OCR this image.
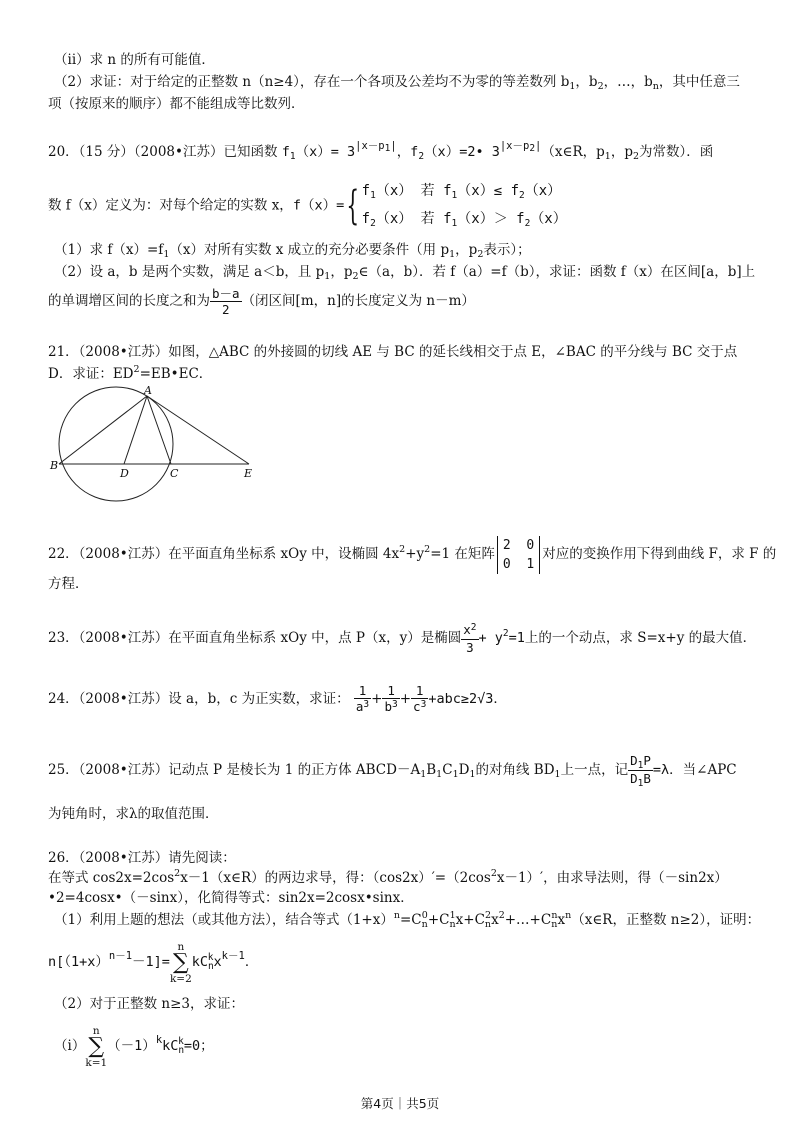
（ii）求 n 的所有可能值．
（2）求证：对于给定的正整数 n（n≥4），存在一个各项及公差均不为零的等差数列 $b_1$，$b_2$，…，$b_n$，其中任意三
项（按原来的顺序）都不能组成等比数列．
20．（15 分）（2008•江苏）已知函数 $f_1(x)= 3^{|x-p1|}$，$f_2(x)=2•$ $3^{|x-p2|}(x\in R$，$p_1$，$p_2$为常数）．函
数 f（x）定义为：对每个给定的实数 x，f（x）={ $f_1(x)$ 若 $f_1(x)\le f_2(x)$
$f_2(x)$ 若 $f_1(x)> f_2(x)$
（1）求 $f(x)=f_1(x)$对所有实数 x 成立的充分必要条件（用 $p_1$，$p_2$表示）；
（2）设 a，b 是两个实数，满足 a＜b，且 $p_1$，$p_2\in(a$，b）．若 f（a）=f（b），求证：函数 f（x）在区间[a，b]上
的单调增区间的长度之和为 $\frac{b-a}{2}$ （闭区间[m，n]的长度定义为 n－m）
21．（2008•江苏）如图，△ABC 的外接圆的切线 AE 与 BC 的延长线相交于点 E，∠BAC 的平分线与 BC 交于点
D．求证：$ED^2=EB•EC$．
A
B
D	C	E
22．（2008•江苏）在平面直角坐标系 xOy 中，设椭圆 $4x^2+y^2=1$ 在矩阵2 0
0 1对应的变换作用下得到曲线 F，求 F 的
方程．
23．（2008•江苏）在平面直角坐标系 xOy 中，点 P（x，y）是椭圆 $\frac{x^2}{3} + y^2=1$上的一个动点，求 S=x+y 的最大值．
24．（2008•江苏）设 a，b，c 为正实数，求证： $\frac{1}{a^3} + \frac{1}{b^3} + \frac{1}{c^3} +abc\ge 2√3$．
25．（2008•江苏）记动点 P 是棱长为 1 的正方体 $ABCD-A_1B_1C_1D_1$的对角线 $BD_1$上一点，记 $\frac{D_1P}{D_1B} =\lambda$．当∠APC
为钝角时，求λ的取值范围．
26．（2008•江苏）请先阅读：
在等式 $\cos 2x=2\cos^2x-1(x\in R)$的两边求导，得：$(\cos 2x)'=(2\cos^2x-1)'$，由求导法则，得（－sin2x）
•2=4cosx•（－sinx），化简得等式：sin2x=2cosx•sinx．
（1）利用上题的想法（或其他方法），结合等式$(1+x)^n=C_n^0+C_n^1x+C_n^2x^2+\dots+C_n^nx^n(x\in R$，正整数 n≥2），证明：
$n[(1+x)^{n-1}-1]=n$
∑
$k=2kC_n^kx^{k-1}$．
（2）对于正整数 n≥3，求证：
（i）n
∑
$k=1(-1)^kkC_n^k=0$；
第4页｜共5页
